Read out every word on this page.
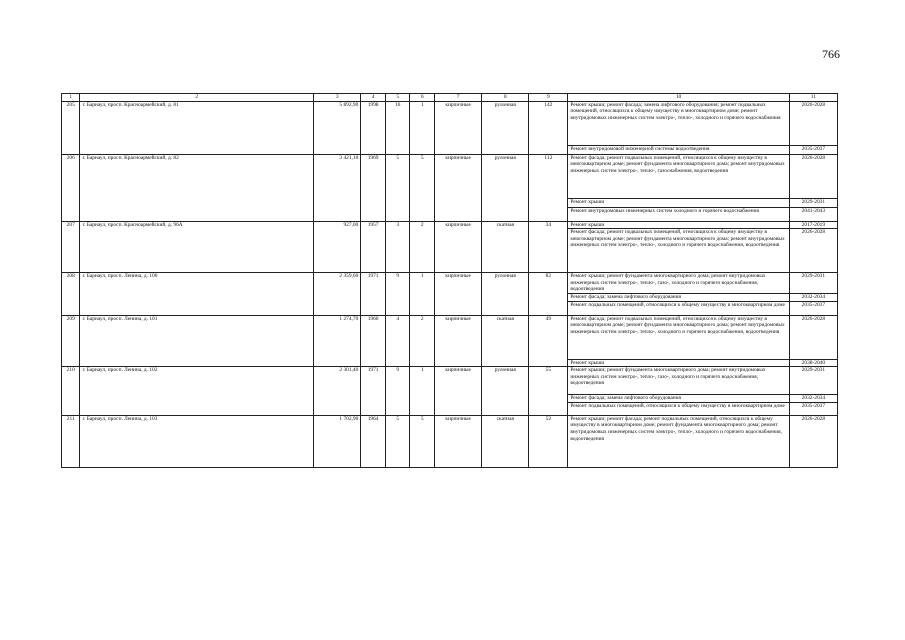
766
1	2	3	4	5	6	7	8	9	10	11
205	г. Барнаул, просп. Красноармейский, д. 81	5 892,90	1998	16	1	кирпичные	рулонная	142	Ремонт крыши; ремонт фасада; замена лифтового оборудования; ремонт подвальных помещений, относящихся к общему имуществу в многоквартирном доме; ремонт внутридомовых инженерных систем электро-, тепло-, холодного и горячего водоснабжения	2026-2028
									Ремонт внутридомовой инженерной системы водоотведения	2035-2037
206	г. Барнаул, просп. Красноармейский, д. 82	3 421,10	1969	5	5	кирпичные	рулонная	112	Ремонт фасада; ремонт подвальных помещений, относящихся к общему имуществу в многоквартирном доме; ремонт фундамента многоквартирного дома; ремонт внутридомовых инженерных систем электро-, тепло-, газоснабжения, водоотведения	2026-2028
									Ремонт крыши	2029-2031
									Ремонт внутридомовых инженерных систем холодного и горячего водоснабжения	2041-2043
207	г. Барнаул, просп. Красноармейский, д. 96А	927,00	1957	3	2	кирпичные	скатная	34	Ремонт крыши	2017-2019
									Ремонт фасада; ремонт подвальных помещений, относящихся к общему имуществу в многоквартирном доме; ремонт фундамента многоквартирного дома; ремонт внутридомовых инженерных систем электро-, тепло-, холодного и горячего водоснабжения, водоотведения	2026-2028
208	г. Барнаул, просп. Ленина, д. 100	2 359,60	1971	9	1	кирпичные	рулонная	82	Ремонт крыши; ремонт фундамента многоквартирного дома; ремонт внутридомовых инженерных систем электро-, тепло-, газо-, холодного и горячего водоснабжения, водоотведения	2029-2031
									Ремонт фасада; замена лифтового оборудования	2032-2034
									Ремонт подвальных помещений, относящихся к общему имуществу в многоквартирном доме	2035-2037
209	г. Барнаул, просп. Ленина, д. 101	1 274,70	1960	4	2	кирпичные	скатная	49	Ремонт фасада; ремонт подвальных помещений, относящихся к общему имуществу в многоквартирном доме; ремонт фундамента многоквартирного дома; ремонт внутридомовых инженерных систем электро-, тепло-, холодного и горячего водоснабжения, водоотведения	2026-2028
									Ремонт крыши	2038-2040
210	г. Барнаул, просп. Ленина, д. 102	2 301,40	1971	9	1	кирпичные	рулонная	55	Ремонт крыши; ремонт фундамента многоквартирного дома; ремонт внутридомовых инженерных систем электро-, тепло-, газо-, холодного и горячего водоснабжения, водоотведения	2029-2031
									Ремонт фасада; замена лифтового оборудования	2032-2034
									Ремонт подвальных помещений, относящихся к общему имуществу в многоквартирном доме	2035-2037
211	г. Барнаул, просп. Ленина, д. 103	1 702,90	1964	5	5	кирпичные	скатная	52	Ремонт крыши; ремонт фасада; ремонт подвальных помещений, относящихся к общему имуществу в многоквартирном доме; ремонт фундамента многоквартирного дома; ремонт внутридомовых инженерных систем электро-, тепло-, холодного и горячего водоснабжения, водоотведения	2026-2028
